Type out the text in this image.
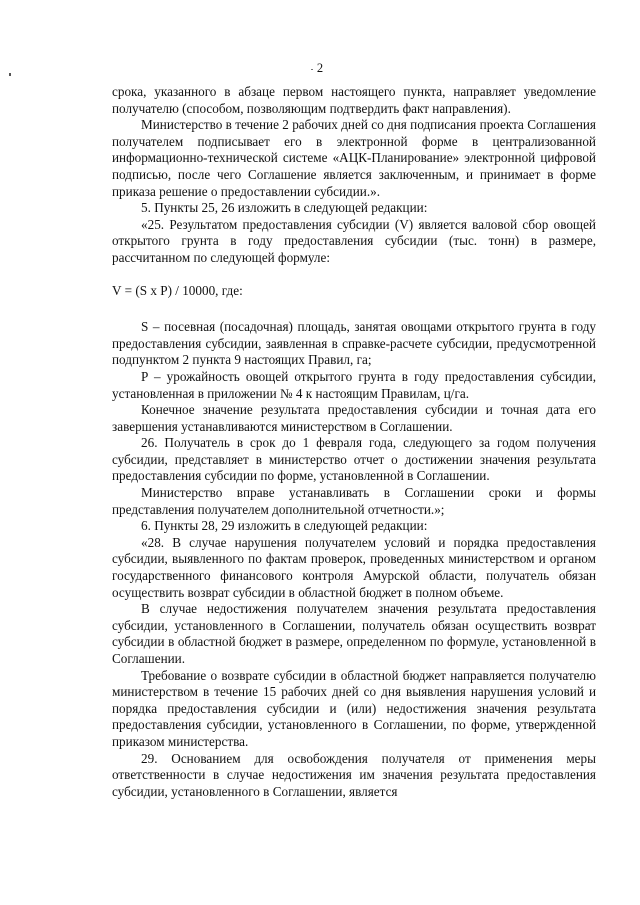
2

срока, указанного в абзаце первом настоящего пункта, направляет уведомление получателю (способом, позволяющим подтвердить факт направления).

Министерство в течение 2 рабочих дней со дня подписания проекта Соглашения получателем подписывает его в электронной форме в централизованной информационно-технической системе «АЦК-Планирование» электронной цифровой подписью, после чего Соглашение является заключенным, и принимает в форме приказа решение о предоставлении субсидии.».

5. Пункты 25, 26 изложить в следующей редакции:

«25. Результатом предоставления субсидии (V) является валовой сбор овощей открытого грунта в году предоставления субсидии (тыс. тонн) в размере, рассчитанном по следующей формуле:

V = (S x P) / 10000, где:

S – посевная (посадочная) площадь, занятая овощами открытого грунта в году предоставления субсидии, заявленная в справке-расчете субсидии, предусмотренной подпунктом 2 пункта 9 настоящих Правил, га;

P – урожайность овощей открытого грунта в году предоставления субсидии, установленная в приложении № 4 к настоящим Правилам, ц/га.

Конечное значение результата предоставления субсидии и точная дата его завершения устанавливаются министерством в Соглашении.

26. Получатель в срок до 1 февраля года, следующего за годом получения субсидии, представляет в министерство отчет о достижении значения результата предоставления субсидии по форме, установленной в Соглашении.

Министерство вправе устанавливать в Соглашении сроки и формы представления получателем дополнительной отчетности.»;

6. Пункты 28, 29 изложить в следующей редакции:

«28. В случае нарушения получателем условий и порядка предоставления субсидии, выявленного по фактам проверок, проведенных министерством и органом государственного финансового контроля Амурской области, получатель обязан осуществить возврат субсидии в областной бюджет в полном объеме.

В случае недостижения получателем значения результата предоставления субсидии, установленного в Соглашении, получатель обязан осуществить возврат субсидии в областной бюджет в размере, определенном по формуле, установленной в Соглашении.

Требование о возврате субсидии в областной бюджет направляется получателю министерством в течение 15 рабочих дней со дня выявления нарушения условий и порядка предоставления субсидии и (или) недостижения значения результата предоставления субсидии, установленного в Соглашении, по форме, утвержденной приказом министерства.

29. Основанием для освобождения получателя от применения меры ответственности в случае недостижения им значения результата предоставления субсидии, установленного в Соглашении, является
